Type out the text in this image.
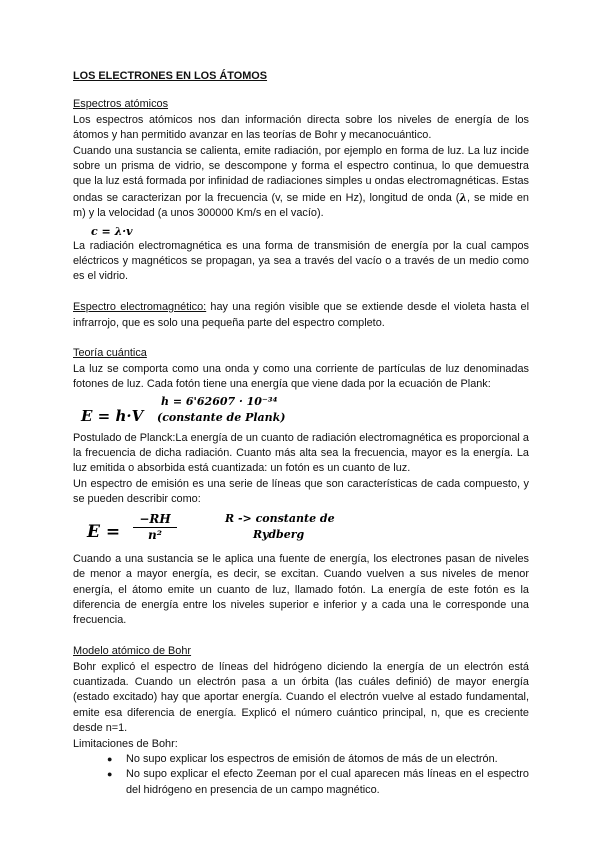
LOS ELECTRONES EN LOS ÁTOMOS
Espectros atómicos

Los espectros atómicos nos dan información directa sobre los niveles de energía de los átomos y han permitido avanzar en las teorías de Bohr y mecanocuántico.

Cuando una sustancia se calienta, emite radiación, por ejemplo en forma de luz. La luz incide sobre un prisma de vidrio, se descompone y forma el espectro continua, lo que demuestra que la luz está formada por infinidad de radiaciones simples u ondas electromagnéticas. Estas ondas se caracterizan por la frecuencia (v, se mide en Hz), longitud de onda (λ, se mide en m) y la velocidad (a unos 300000 Km/s en el vacío).

c = λ·v

La radiación electromagnética es una forma de transmisión de energía por la cual campos eléctricos y magnéticos se propagan, ya sea a través del vacío o a través de un medio como es el vidrio.

Espectro electromagnético: hay una región visible que se extiende desde el violeta hasta el infrarrojo, que es solo una pequeña parte del espectro completo.

Teoría cuántica

La luz se comporta como una onda y como una corriente de partículas de luz denominadas fotones de luz. Cada fotón tiene una energía que viene dada por la ecuación de Plank:

E = h·V
h = 6'62607 · 10⁻³⁴
(constante de Plank)

Postulado de Planck:La energía de un cuanto de radiación electromagnética es proporcional a la frecuencia de dicha radiación. Cuanto más alta sea la frecuencia, mayor es la energía. La luz emitida o absorbida está cuantizada: un fotón es un cuanto de luz.

Un espectro de emisión es una serie de líneas que son características de cada compuesto, y se pueden describir como:

$E = \frac{-RH}{\text{n²}}$	R -> constante de
Rydberg

Cuando a una sustancia se le aplica una fuente de energía, los electrones pasan de niveles de menor a mayor energía, es decir, se excitan. Cuando vuelven a sus niveles de menor energía, el átomo emite un cuanto de luz, llamado fotón. La energía de este fotón es la diferencia de energía entre los niveles superior e inferior y a cada una le corresponde una frecuencia.

Modelo atómico de Bohr

Bohr explicó el espectro de líneas del hidrógeno diciendo la energía de un electrón está cuantizada. Cuando un electrón pasa a un órbita (las cuáles definió) de mayor energía (estado excitado) hay que aportar energía. Cuando el electrón vuelve al estado fundamental, emite esa diferencia de energía. Explicó el número cuántico principal, n, que es creciente desde n=1.

Limitaciones de Bohr:

● No supo explicar los espectros de emisión de átomos de más de un electrón.
● No supo explicar el efecto Zeeman por el cual aparecen más líneas en el espectro del hidrógeno en presencia de un campo magnético.
